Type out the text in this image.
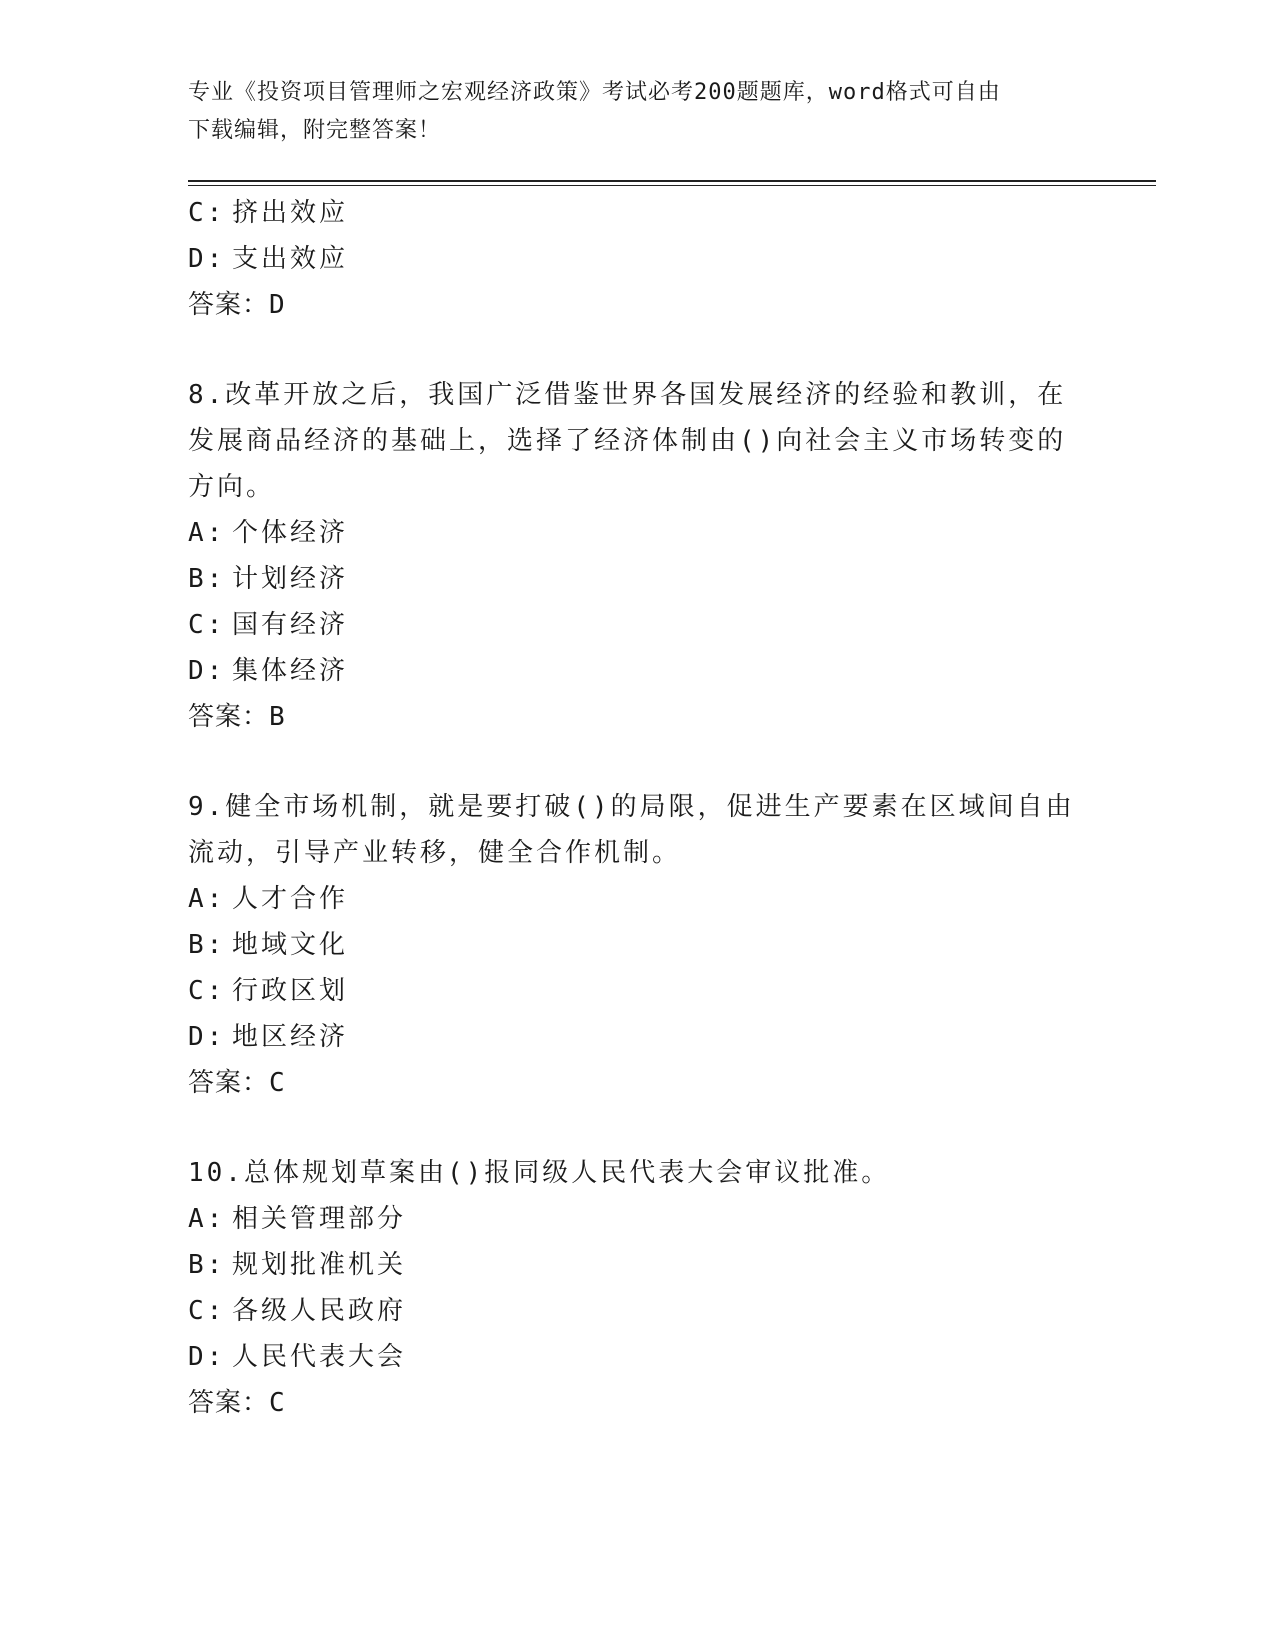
专业《投资项目管理师之宏观经济政策》考试必考200题题库，word格式可自由
下载编辑，附完整答案！
C: 挤出效应
D: 支出效应
答案：D
8.改革开放之后，我国广泛借鉴世界各国发展经济的经验和教训，在
发展商品经济的基础上，选择了经济体制由()向社会主义市场转变的
方向。
A: 个体经济
B: 计划经济
C: 国有经济
D: 集体经济
答案：B
9.健全市场机制，就是要打破()的局限，促进生产要素在区域间自由
流动，引导产业转移，健全合作机制。
A: 人才合作
B: 地域文化
C: 行政区划
D: 地区经济
答案：C
10.总体规划草案由()报同级人民代表大会审议批准。
A: 相关管理部分
B: 规划批准机关
C: 各级人民政府
D: 人民代表大会
答案：C
